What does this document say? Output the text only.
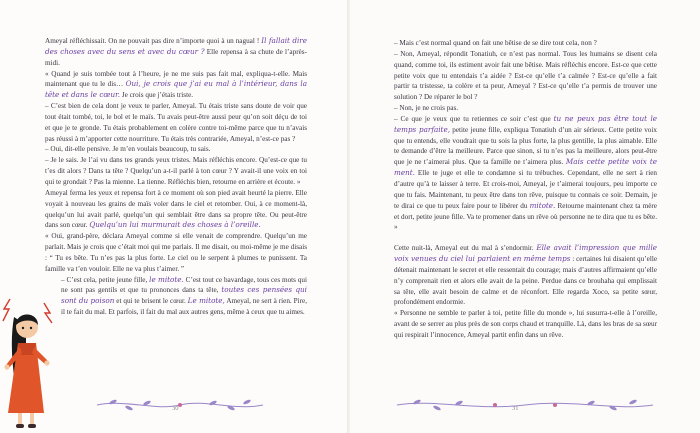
Ameyal réfléchissait. On ne pouvait pas dire n’importe quoi à un nagual ! Il fallait dire des choses avec du sens et avec du cœur ? Elle repensa à sa chute de l’après-midi.

« Quand je suis tombée tout à l’heure, je ne me suis pas fait mal, expliqua-t-elle. Mais maintenant que tu le dis… Oui, je crois que j’ai eu mal à l’intérieur, dans la tête et dans le cœur. Je crois que j’étais triste.

– C’est bien de cela dont je veux te parler, Ameyal. Tu étais triste sans doute de voir que tout était tombé, toi, le bol et le maïs. Tu avais peut-être aussi peur qu’on soit déçu de toi et que je te gronde. Tu étais probablement en colère contre toi-même parce que tu n’avais pas réussi à m’apporter cette nourriture. Tu étais très contrariée, Ameyal, n’est-ce pas ?

– Oui, dit-elle pensive. Je m’en voulais beaucoup, tu sais.

– Je le sais. Je l’ai vu dans tes grands yeux tristes. Mais réfléchis encore. Qu’est-ce que tu t’es dit alors ? Dans ta tête ? Quelqu’un a-t-il parlé à ton cœur ? Y avait-il une voix en toi qui te grondait ? Pas la mienne. La tienne. Réfléchis bien, retourne en arrière et écoute. »

Ameyal ferma les yeux et repensa fort à ce moment où son pied avait heurté la pierre. Elle voyait à nouveau les grains de maïs voler dans le ciel et retomber. Oui, à ce moment-là, quelqu’un lui avait parlé, quelqu’un qui semblait être dans sa propre tête. Ou peut-être dans son cœur. Quelqu’un lui murmurait des choses à l’oreille.

« Oui, grand-père, déclara Ameyal comme si elle venait de comprendre. Quelqu’un me parlait. Mais je crois que c’était moi qui me parlais. Il me disait, ou moi-même je me disais : “ Tu es bête. Tu n’es pas la plus forte. Le ciel ou le serpent à plumes te punissent. Ta famille va t’en vouloir. Elle ne va plus t’aimer. ”

– C’est cela, petite jeune fille, le mitote. C’est tout ce bavardage, tous ces mots qui ne sont pas gentils et que tu prononces dans ta tête, toutes ces pensées qui sont du poison et qui te brisent le cœur. Le mitote, Ameyal, ne sert à rien. Pire, il te fait du mal. Et parfois, il fait du mal aux autres gens, même à ceux que tu aimes.

30

– Mais c’est normal quand on fait une bêtise de se dire tout cela, non ?

– Non, Ameyal, répondit Tonatiuh, ce n’est pas normal. Tous les humains se disent cela quand, comme toi, ils estiment avoir fait une bêtise. Mais réfléchis encore. Est-ce que cette petite voix que tu entendais t’a aidée ? Est-ce qu’elle t’a calmée ? Est-ce qu’elle a fait partir ta tristesse, ta colère et ta peur, Ameyal ? Est-ce qu’elle t’a permis de trouver une solution ? De réparer le bol ?

– Non, je ne crois pas.

– Ce que je veux que tu retiennes ce soir c’est que tu ne peux pas être tout le temps parfaite, petite jeune fille, expliqua Tonatiuh d’un air sérieux. Cette petite voix que tu entends, elle voudrait que tu sois la plus forte, la plus gentille, la plus aimable. Elle te demande d’être la meilleure. Parce que sinon, si tu n’es pas la meilleure, alors peut-être que je ne t’aimerai plus. Que ta famille ne t’aimera plus. Mais cette petite voix te ment. Elle te juge et elle te condamne si tu trébuches. Cependant, elle ne sert à rien d’autre qu’à te laisser à terre. Et crois-moi, Ameyal, je t’aimerai toujours, peu importe ce que tu fais. Maintenant, tu peux être dans ton rêve, puisque tu connais ce soir. Demain, je te dirai ce que tu peux faire pour te libérer du mitote. Retourne maintenant chez ta mère et dort, petite jeune fille. Va te promener dans un rêve où personne ne te dira que tu es bête. »

Cette nuit-là, Ameyal eut du mal à s’endormir. Elle avait l’impression que mille voix venues du ciel lui parlaient en même temps : certaines lui disaient qu’elle détenait maintenant le secret et elle ressentait du courage; mais d’autres affirmaient qu’elle n’y comprenait rien et alors elle avait de la peine. Perdue dans ce brouhaha qui emplissait sa tête, elle avait besoin de calme et de réconfort. Elle regarda Xoco, sa petite sœur, profondément endormie.

« Personne ne semble te parler à toi, petite fille du monde », lui susurra-t-elle à l’oreille, avant de se serrer au plus près de son corps chaud et tranquille. Là, dans les bras de sa sœur qui respirait l’innocence, Ameyal partit enfin dans un rêve.

31
